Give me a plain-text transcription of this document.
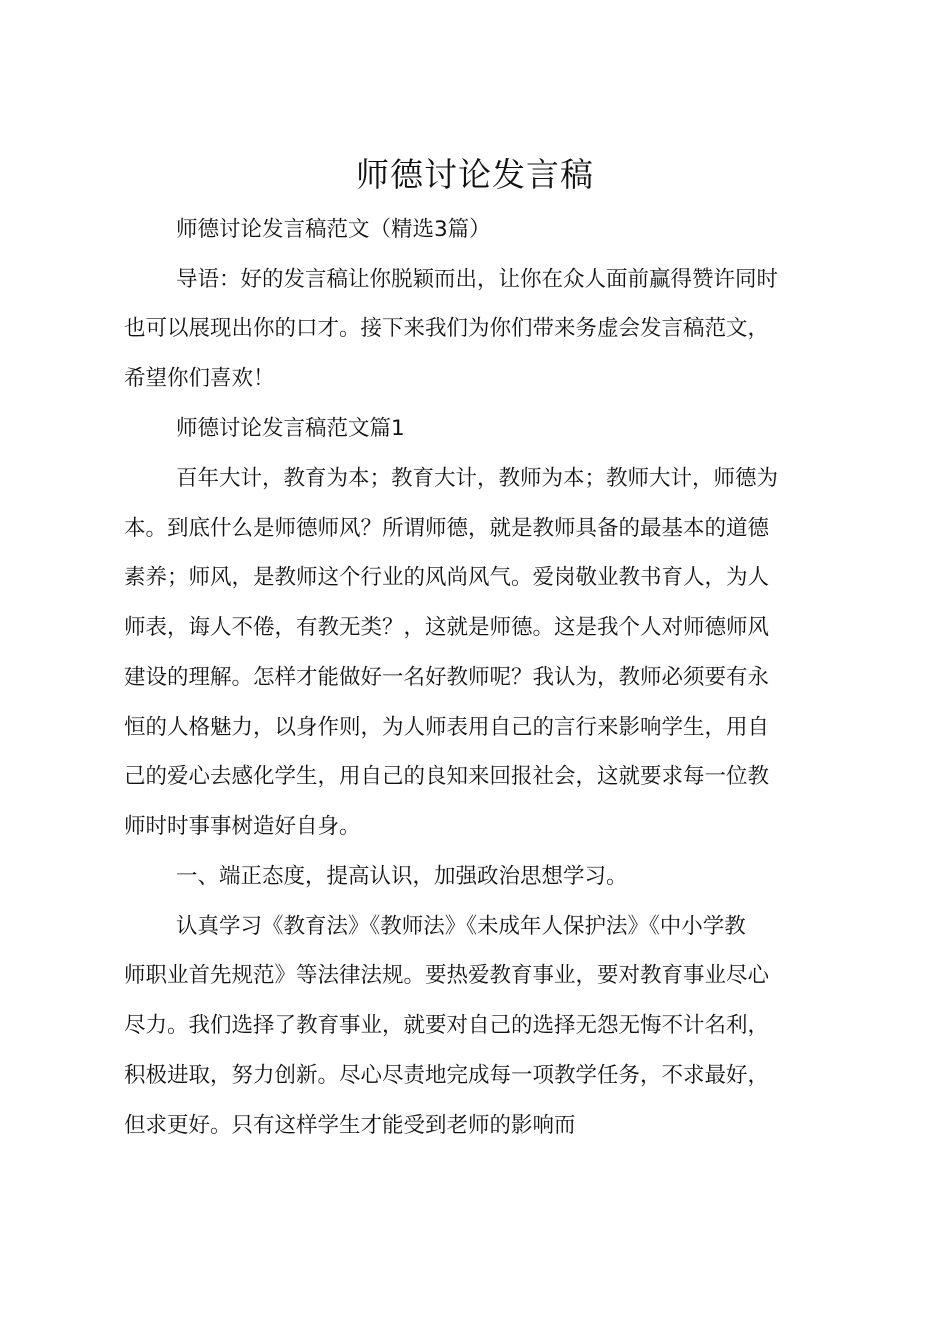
师德讨论发言稿

师德讨论发言稿范文（精选3篇）

导语：好的发言稿让你脱颖而出，让你在众人面前赢得赞许同时

也可以展现出你的口才。接下来我们为你们带来务虚会发言稿范文，

希望你们喜欢！

师德讨论发言稿范文篇1

百年大计，教育为本；教育大计，教师为本；教师大计，师德为

本。到底什么是师德师风？所谓师德，就是教师具备的最基本的道德

素养；师风，是教师这个行业的风尚风气。爱岗敬业教书育人，为人

师表，诲人不倦，有教无类？，这就是师德。这是我个人对师德师风

建设的理解。怎样才能做好一名好教师呢？我认为，教师必须要有永

恒的人格魅力，以身作则，为人师表用自己的言行来影响学生，用自

己的爱心去感化学生，用自己的良知来回报社会，这就要求每一位教

师时时事事树造好自身。

一、端正态度，提高认识，加强政治思想学习。

认真学习《教育法》《教师法》《未成年人保护法》《中小学教

师职业首先规范》等法律法规。要热爱教育事业，要对教育事业尽心

尽力。我们选择了教育事业，就要对自己的选择无怨无悔不计名利，

积极进取，努力创新。尽心尽责地完成每一项教学任务，不求最好，

但求更好。只有这样学生才能受到老师的影响而
